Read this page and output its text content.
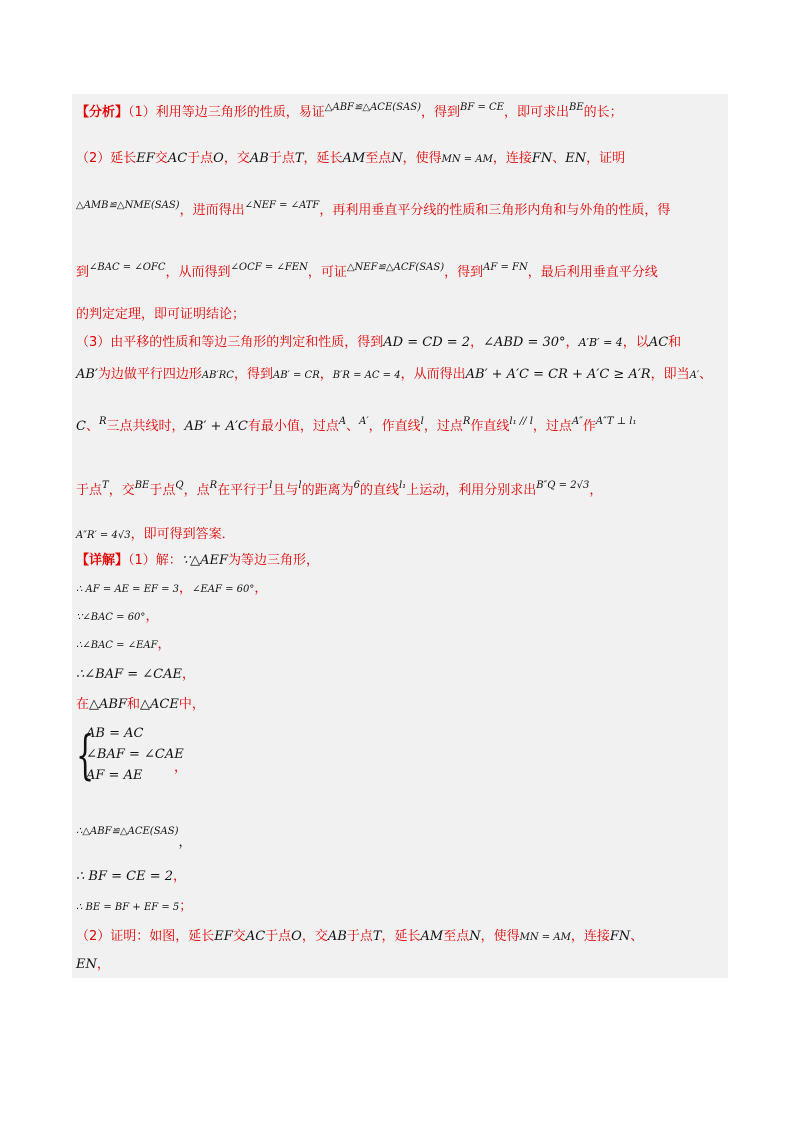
【分析】（1）利用等边三角形的性质，易证$^{\triangle ABF≌\triangle ACE(SAS)}$，得到$^{BF = CE}$，即可求出$^{BE}$的长；
（2）延长EF交AC于点O，交AB于点T，延长AM至点N，使得MN = AM，连接FN、EN，证明
$^{\triangle AMB≌\triangle NME(SAS)}$，进而得出$^{\angle NEF = \angle ATF}$，再利用垂直平分线的性质和三角形内角和与外角的性质，得
到$^{\angle BAC = \angle OFC}$，从而得到$^{\angle OCF = \angle FEN}$，可证$^{\triangle NEF≌\triangle ACF(SAS)}$，得到$^{AF = FN}$，最后利用垂直平分线
的判定定理，即可证明结论；
（3）由平移的性质和等边三角形的判定和性质，得到AD = CD = 2，∠ABD = 30°，A′B′ = 4，以AC和
AB′为边做平行四边形AB′RC，得到AB′ = CR，B′R = AC = 4，从而得出AB′ + A′C = CR + A′C ≥ A′R，即当A′、
C、$^R$三点共线时，AB′ + A′C有最小值，过点$^A$、$^{A'}$，作直线$^l$，过点$^R$作直线$^{l_1 // l}$，过点$^{A''}$作$^{A''T \perp l_1}$
于点$^T$，交$^{BE}$于点$^Q$，点$^R$在平行于$^l$且与$^l$的距离为$^6$的直线$^{l_1}$上运动，利用分别求出$^{B''Q = 2√3}$，
A″R′ = 4√3，即可得到答案．
【详解】（1）解：∵△AEF为等边三角形，
∴ AF = AE = EF = 3，∠EAF = 60°，
∵∠BAC = 60°，
∴∠BAC = ∠EAF，
∴∠BAF = ∠CAE，
在△ABF和△ACE中，
{
AB = AC
∠BAF = ∠CAE
AF = AE
，
∴△ABF≌△ACE(SAS)，
∴ BF = CE = 2，
∴ BE = BF + EF = 5；
（2）证明：如图，延长EF交AC于点O，交AB于点T，延长AM至点N，使得MN = AM，连接FN、
EN，
